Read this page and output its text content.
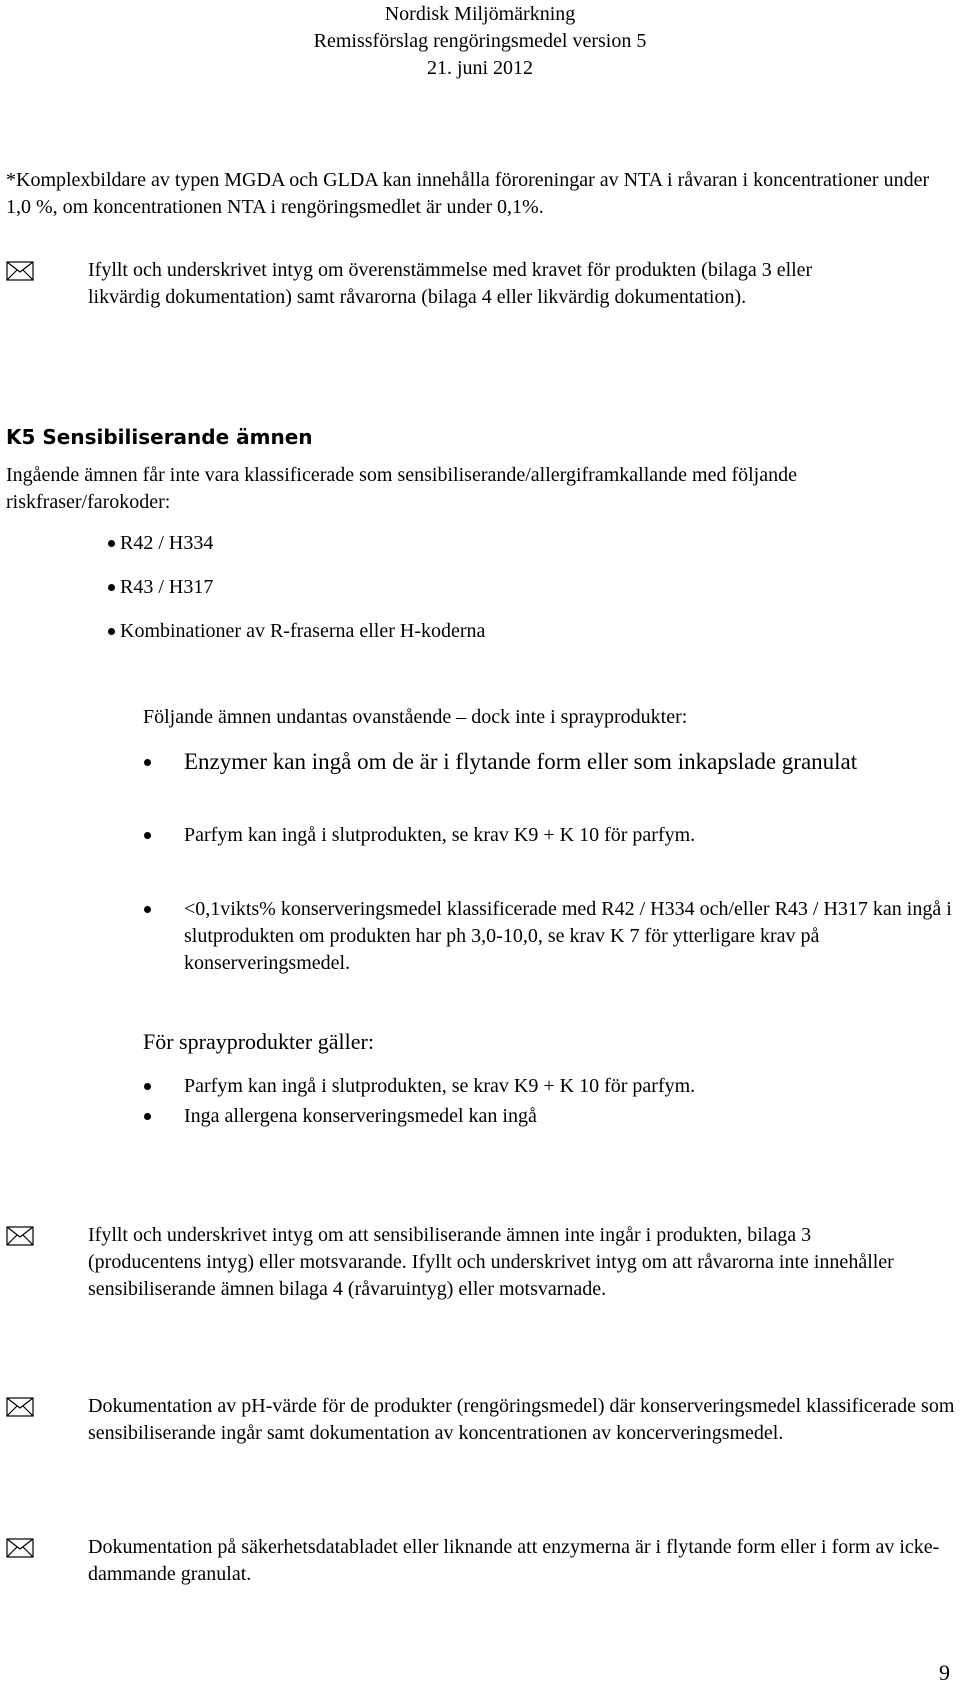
Nordisk Miljömärkning
Remissförslag rengöringsmedel version 5
21. juni 2012

*Komplexbildare av typen MGDA och GLDA kan innehålla föroreningar av NTA i råvaran i koncentrationer under 1,0 %, om koncentrationen NTA i rengöringsmedlet är under 0,1%.

Ifyllt och underskrivet intyg om överenstämmelse med kravet för produkten (bilaga 3 eller likvärdig dokumentation) samt råvarorna (bilaga 4 eller likvärdig dokumentation).

K5 Sensibiliserande ämnen

Ingående ämnen får inte vara klassificerade som sensibiliserande/allergiframkallande med följande riskfraser/farokoder:

R42 / H334

R43 / H317

Kombinationer av R-fraserna eller H-koderna

Följande ämnen undantas ovanstående – dock inte i sprayprodukter:

Enzymer kan ingå om de är i flytande form eller som inkapslade granulat

Parfym kan ingå i slutprodukten, se krav K9 + K 10 för parfym.

<0,1vikts% konserveringsmedel klassificerade med R42 / H334 och/eller R43 / H317 kan ingå i slutprodukten om produkten har ph 3,0-10,0, se krav K 7 för ytterligare krav på konserveringsmedel.

För sprayprodukter gäller:

Parfym kan ingå i slutprodukten, se krav K9 + K 10 för parfym.

Inga allergena konserveringsmedel kan ingå

Ifyllt och underskrivet intyg om att sensibiliserande ämnen inte ingår i produkten, bilaga 3 (producentens intyg) eller motsvarande. Ifyllt och underskrivet intyg om att råvarorna inte innehåller sensibiliserande ämnen bilaga 4 (råvaruintyg) eller motsvarnade.

Dokumentation av pH-värde för de produkter (rengöringsmedel) där konserveringsmedel klassificerade som sensibiliserande ingår samt dokumentation av koncentrationen av koncerveringsmedel.

Dokumentation på säkerhetsdatabladet eller liknande att enzymerna är i flytande form eller i form av icke-dammande granulat.

9
